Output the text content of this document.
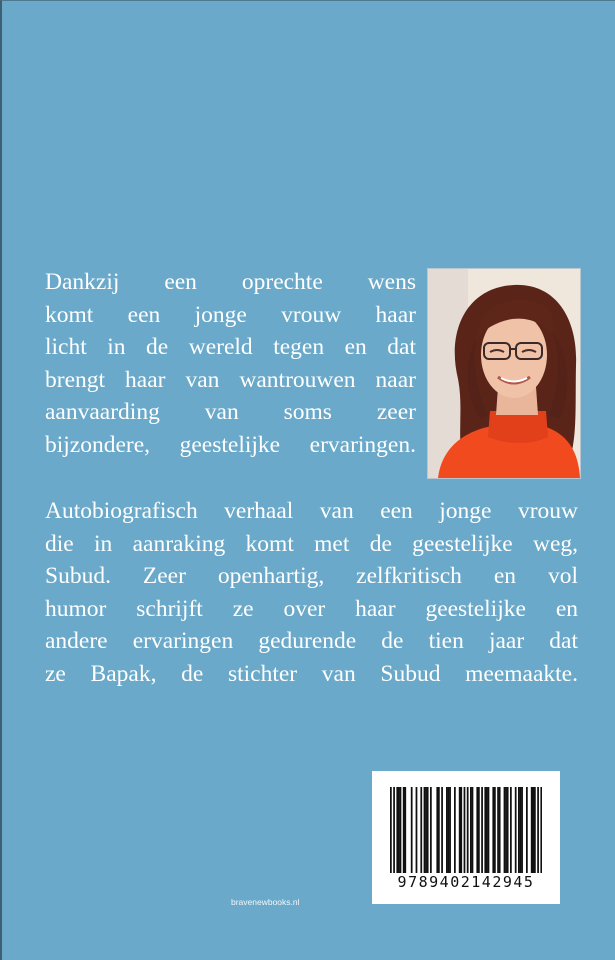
Dankzij een oprechte wens
komt een jonge vrouw haar
licht in de wereld tegen en dat
brengt haar van wantrouwen naar
aanvaarding van soms zeer
bijzondere, geestelijke ervaringen.
Autobiografisch verhaal van een jonge vrouw
die in aanraking komt met de geestelijke weg,
Subud. Zeer openhartig, zelfkritisch en vol
humor schrijft ze over haar geestelijke en
andere ervaringen gedurende de tien jaar dat
ze Bapak, de stichter van Subud meemaakte.
9789402142945
bravenewbooks.nl
